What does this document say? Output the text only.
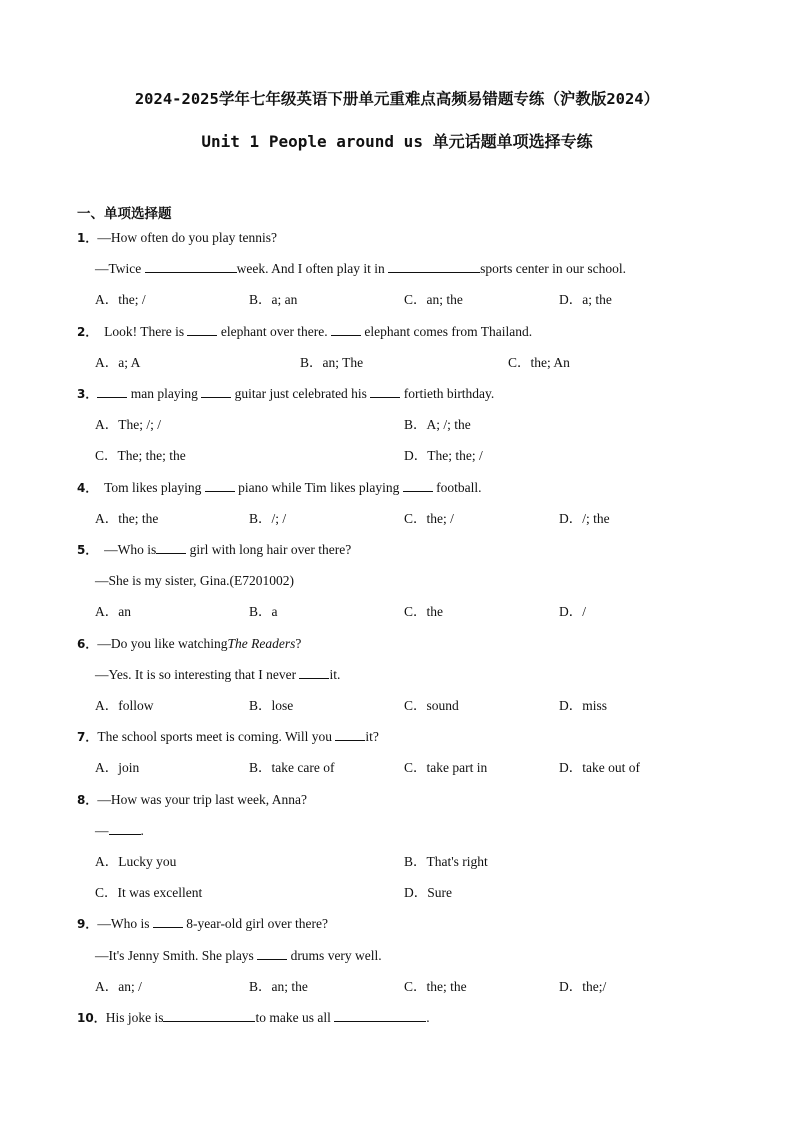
2024-2025学年七年级英语下册单元重难点高频易错题专练（沪教版2024）
Unit 1 People around us 单元话题单项选择专练
一、单项选择题
1．—How often do you play tennis?
—Twice	week. And I often play it in	sports center in our school.
A．the; /	B．a; an	C．an; the	D．a; the
2． Look! There is  elephant over there.  elephant comes from Thailand.
A．a; A	B．an; The	C．the; An
3． man playing  guitar just celebrated his  fortieth birthday.
A．The; /; /	B．A; /; the
C．The; the; the	D．The; the; /
4． Tom likes playing  piano while Tim likes playing  football.
A．the; the	B．/; /	C．the; /	D．/; the
5． —Who is girl with long hair over there?
—She is my sister, Gina.(E7201002)
A．an	B．a	C．the	D．/
6．—Do you like watchingThe Readers?
—Yes. It is so interesting that I never it.
A．follow	B．lose	C．sound	D．miss
7．The school sports meet is coming. Will you it?
A．join	B．take care of	C．take part in	D．take out of
8．—How was your trip last week, Anna?
— .
A．Lucky you	B．That's right
C．It was excellent	D．Sure
9．—Who is  8-year-old girl over there?
—It's Jenny Smith. She plays  drums very well.
A．an; /	B．an; the	C．the; the	D．the;/
10．His joke is	to make us all	.
